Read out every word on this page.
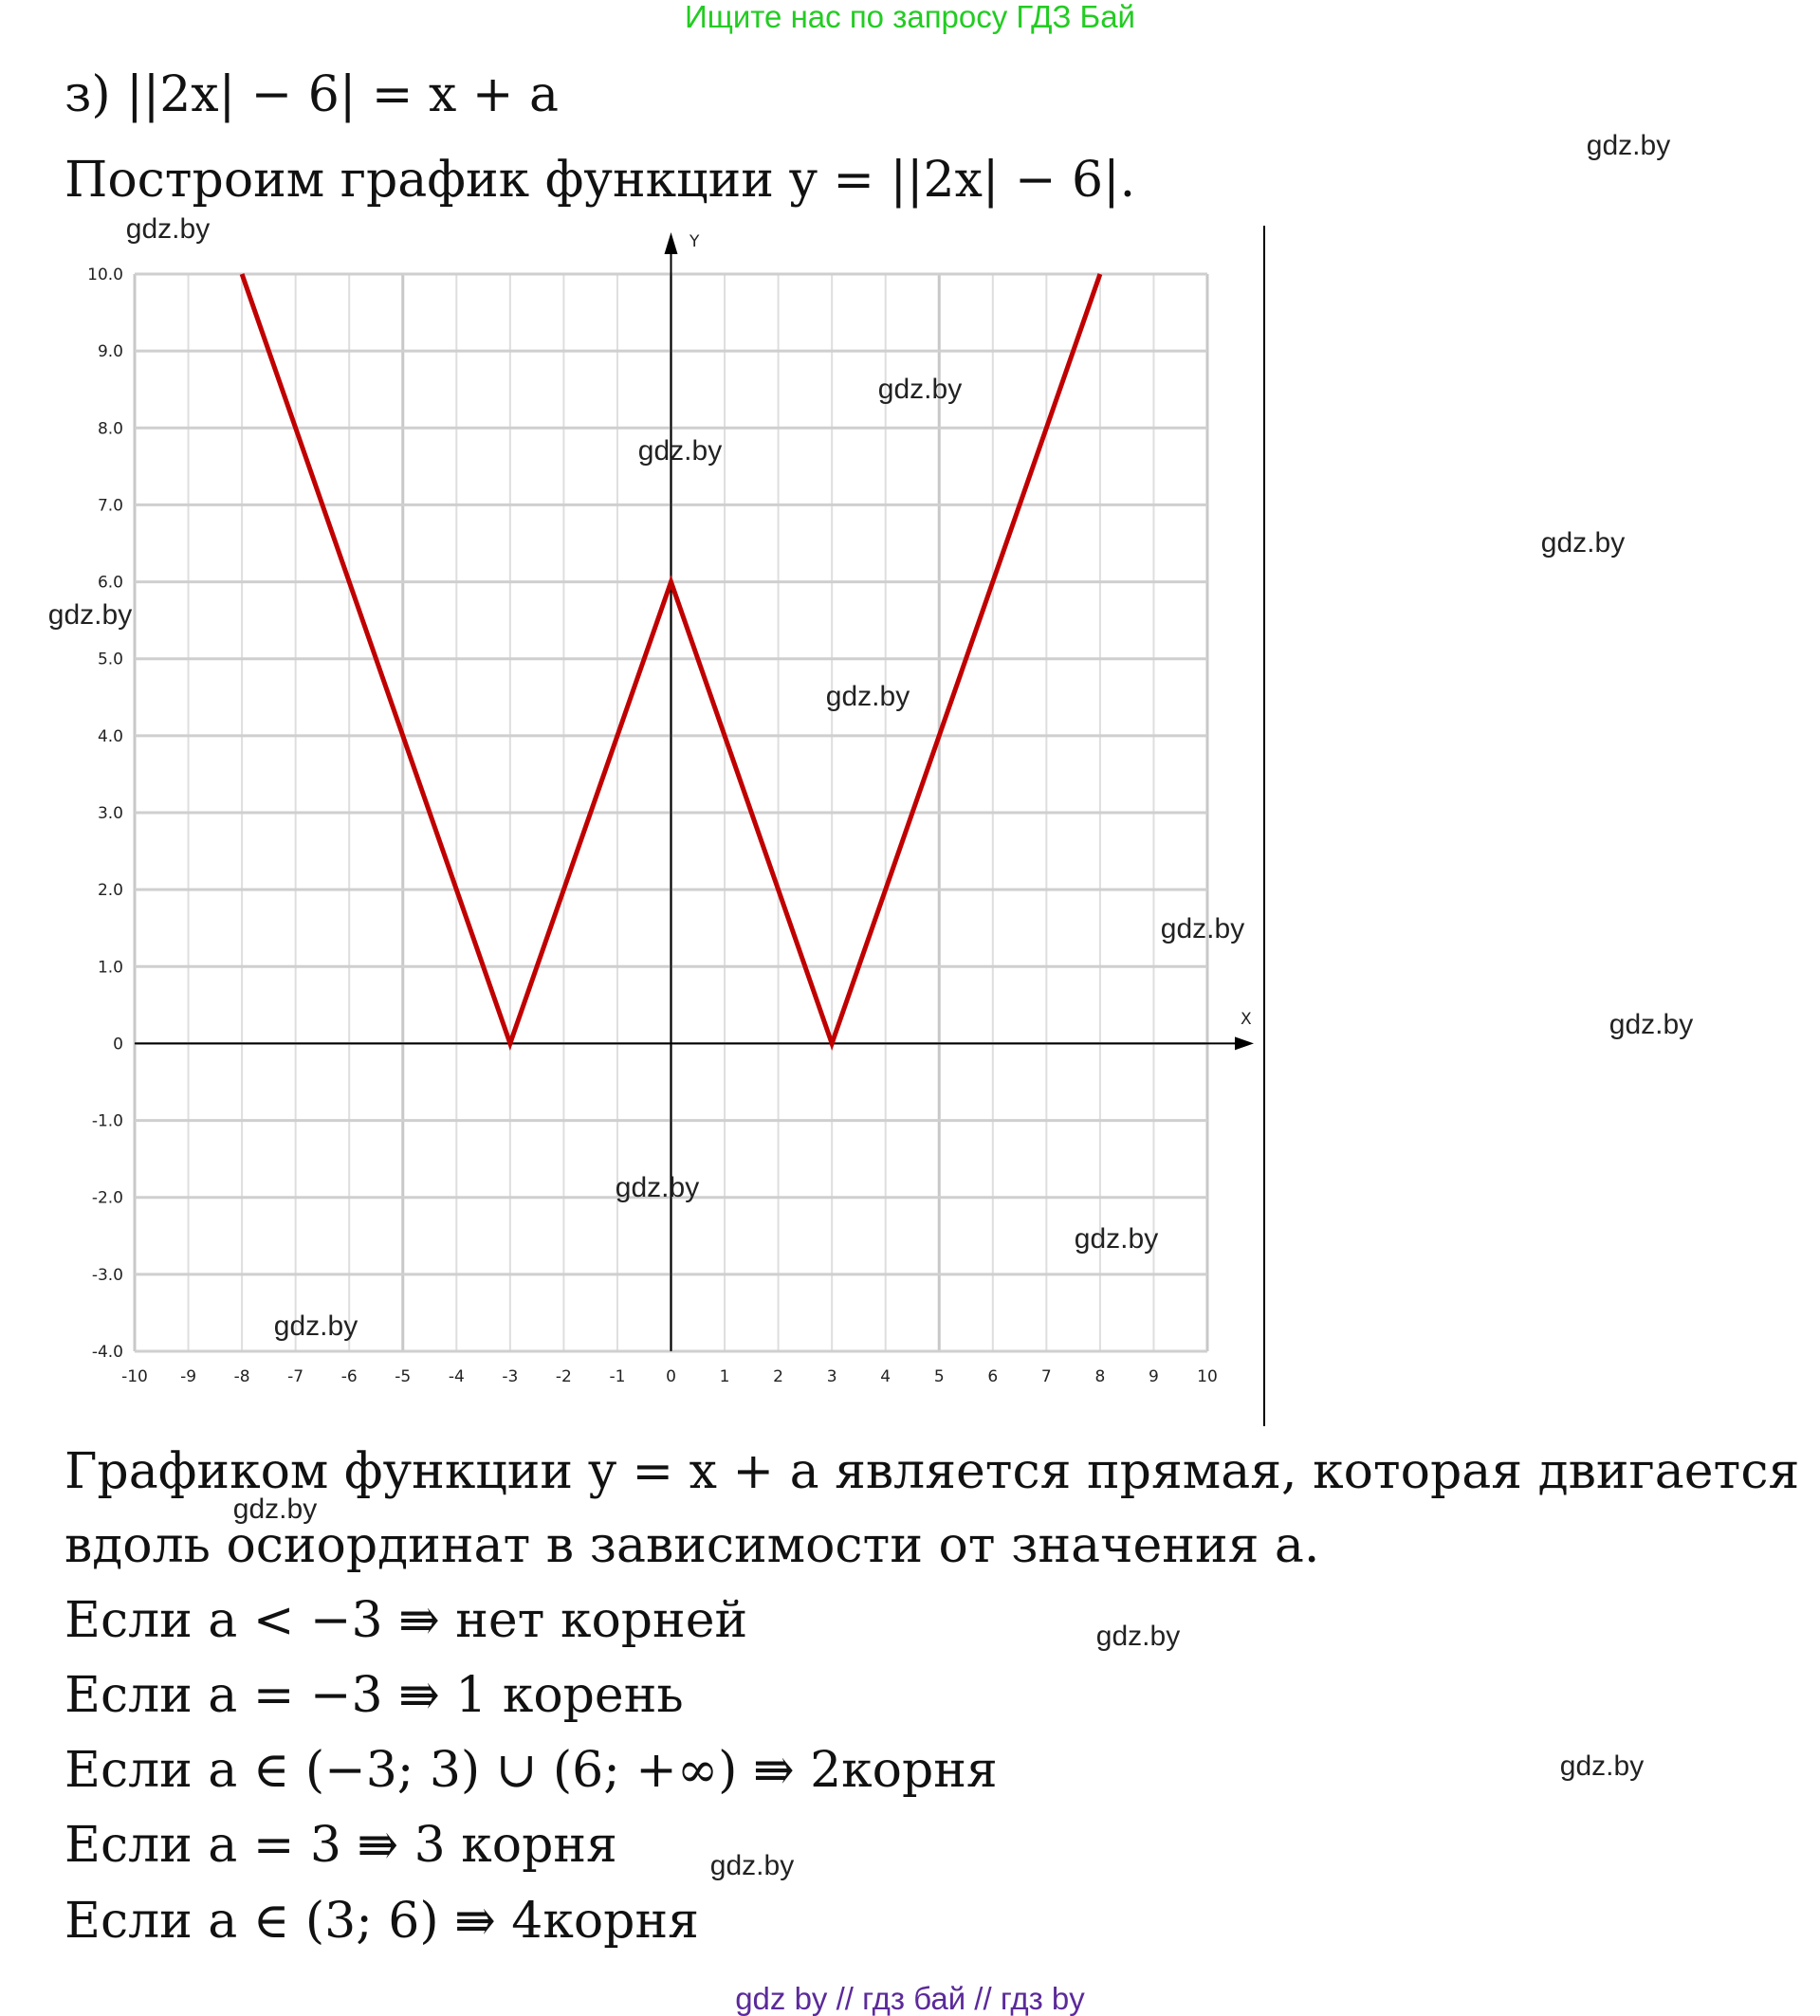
Ищите нас по запросу ГДЗ Бай
з) ||2x| − 6| = x + a
Построим график функции y = ||2x| − 6|.
-10 -9 -8 -7 -6 -5 -4 -3 -2 -1	0	1	2	3	4	5	6	7	8	9 10
10.0
9.0
8.0
7.0
6.0
5.0
4.0
3.0
2.0
1.0
0
-1.0
-2.0
-3.0
-4.0
X
Y
Графиком функции y = x + a является прямая, которая двигается
вдоль осиординат в зависимости от значения a.
Если a < −3 ⇛ нет корней
Если a = −3 ⇛ 1 корень
Если a ∈ (−3; 3) ∪ (6; +∞) ⇛ 2корня
Если a = 3 ⇛ 3 корня
Если a ∈ (3; 6) ⇛ 4корня
gdz.by
gdz.by
gdz.by
gdz.by
gdz.by
gdz.by
gdz.by
gdz.by
gdz.by
gdz.by
gdz.by
gdz.by
gdz.by
gdz.by
gdz.by
gdz.by
gdz by // гдз бай // гдз by
